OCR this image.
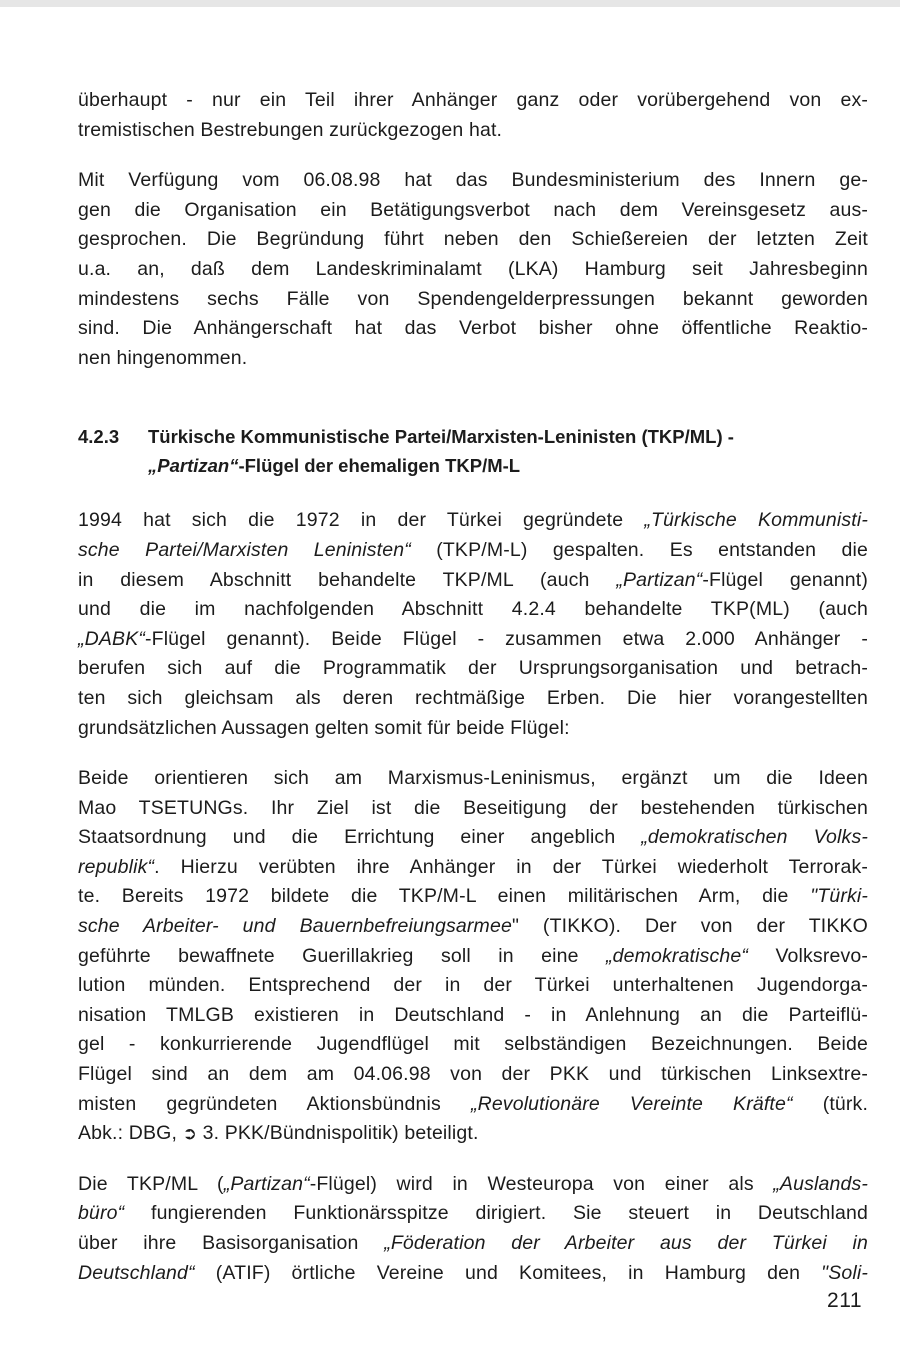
überhaupt - nur ein Teil ihrer Anhänger ganz oder vorübergehend von ex-
tremistischen Bestrebungen zurückgezogen hat.

Mit Verfügung vom 06.08.98 hat das Bundesministerium des Innern ge-
gen die Organisation ein Betätigungsverbot nach dem Vereinsgesetz aus-
gesprochen. Die Begründung führt neben den Schießereien der letzten Zeit
u.a. an, daß dem Landeskriminalamt (LKA) Hamburg seit Jahresbeginn
mindestens sechs Fälle von Spendengelderpressungen bekannt geworden
sind. Die Anhängerschaft hat das Verbot bisher ohne öffentliche Reaktio-
nen hingenommen.

4.2.3	Türkische Kommunistische Partei/Marxisten-Leninisten (TKP/ML) -
„Partizan“-Flügel der ehemaligen TKP/M-L

1994 hat sich die 1972 in der Türkei gegründete „Türkische Kommunisti-
sche Partei/Marxisten Leninisten“ (TKP/M-L) gespalten. Es entstanden die
in diesem Abschnitt behandelte TKP/ML (auch „Partizan“-Flügel genannt)
und die im nachfolgenden Abschnitt 4.2.4 behandelte TKP(ML) (auch
„DABK“-Flügel genannt). Beide Flügel - zusammen etwa 2.000 Anhänger -
berufen sich auf die Programmatik der Ursprungsorganisation und betrach-
ten sich gleichsam als deren rechtmäßige Erben. Die hier vorangestellten
grundsätzlichen Aussagen gelten somit für beide Flügel:

Beide orientieren sich am Marxismus-Leninismus, ergänzt um die Ideen
Mao TSETUNGs. Ihr Ziel ist die Beseitigung der bestehenden türkischen
Staatsordnung und die Errichtung einer angeblich „demokratischen Volks-
republik“. Hierzu verübten ihre Anhänger in der Türkei wiederholt Terrorak-
te. Bereits 1972 bildete die TKP/M-L einen militärischen Arm, die "Türki-
sche Arbeiter- und Bauernbefreiungsarmee" (TIKKO). Der von der TIKKO
geführte bewaffnete Guerillakrieg soll in eine „demokratische“ Volksrevo-
lution münden. Entsprechend der in der Türkei unterhaltenen Jugendorga-
nisation TMLGB existieren in Deutschland - in Anlehnung an die Parteiflü-
gel - konkurrierende Jugendflügel mit selbständigen Bezeichnungen. Beide
Flügel sind an dem am 04.06.98 von der PKK und türkischen Linksextre-
misten gegründeten Aktionsbündnis „Revolutionäre Vereinte Kräfte“ (türk.
Abk.: DBG, ➲ 3. PKK/Bündnispolitik) beteiligt.

Die TKP/ML („Partizan“-Flügel) wird in Westeuropa von einer als „Auslands-
büro“ fungierenden Funktionärsspitze dirigiert. Sie steuert in Deutschland
über ihre Basisorganisation „Föderation der Arbeiter aus der Türkei in
Deutschland“ (ATIF) örtliche Vereine und Komitees, in Hamburg den "Soli-

211
